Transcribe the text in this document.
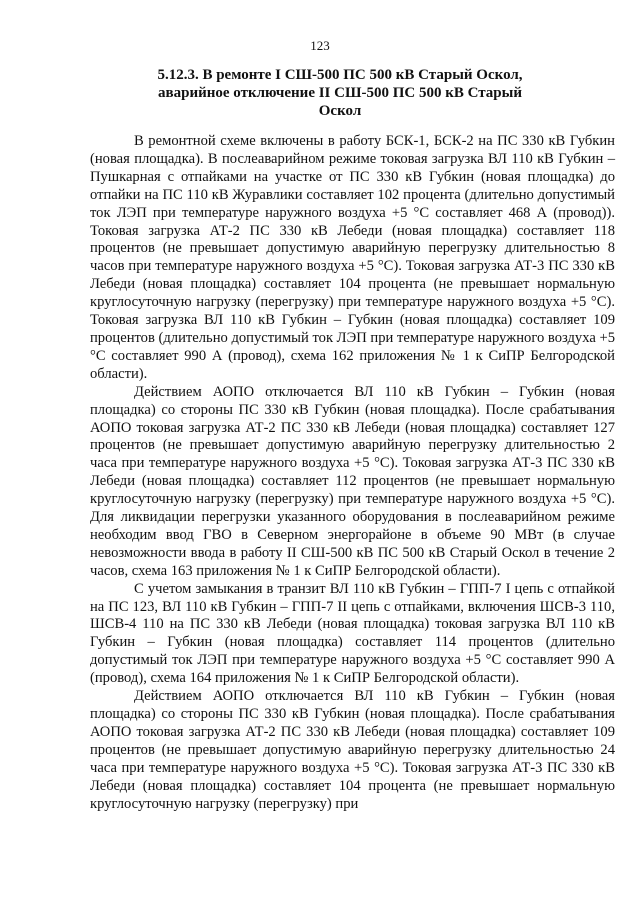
123
5.12.3. В ремонте I СШ-500 ПС 500 кВ Старый Оскол,
аварийное отключение II СШ-500 ПС 500 кВ Старый
Оскол

В ремонтной схеме включены в работу БСК-1, БСК-2 на ПС 330 кВ Губкин (новая площадка). В послеаварийном режиме токовая загрузка ВЛ 110 кВ Губкин – Пушкарная с отпайками на участке от ПС 330 кВ Губкин (новая площадка) до отпайки на ПС 110 кВ Журавлики составляет 102 процента (длительно допустимый ток ЛЭП при температуре наружного воздуха +5 °С составляет 468 А (провод)). Токовая загрузка АТ-2 ПС 330 кВ Лебеди (новая площадка) составляет 118 процентов (не превышает допустимую аварийную перегрузку длительностью 8 часов при температуре наружного воздуха +5 °С). Токовая загрузка АТ-3 ПС 330 кВ Лебеди (новая площадка) составляет 104 процента (не превышает нормальную круглосуточную нагрузку (перегрузку) при температуре наружного воздуха +5 °С). Токовая загрузка ВЛ 110 кВ Губкин – Губкин (новая площадка) составляет 109 процентов (длительно допустимый ток ЛЭП при температуре наружного воздуха +5 °С составляет 990 А (провод), схема 162 приложения № 1 к СиПР Белгородской области).

Действием АОПО отключается ВЛ 110 кВ Губкин – Губкин (новая площадка) со стороны ПС 330 кВ Губкин (новая площадка). После срабатывания АОПО токовая загрузка АТ-2 ПС 330 кВ Лебеди (новая площадка) составляет 127 процентов (не превышает допустимую аварийную перегрузку длительностью 2 часа при температуре наружного воздуха +5 °С). Токовая загрузка АТ-3 ПС 330 кВ Лебеди (новая площадка) составляет 112 процентов (не превышает нормальную круглосуточную нагрузку (перегрузку) при температуре наружного воздуха +5 °С). Для ликвидации перегрузки указанного оборудования в послеаварийном режиме необходим ввод ГВО в Северном энергорайоне в объеме 90 МВт (в случае невозможности ввода в работу II СШ-500 кВ ПС 500 кВ Старый Оскол в течение 2 часов, схема 163 приложения № 1 к СиПР Белгородской области).

С учетом замыкания в транзит ВЛ 110 кВ Губкин – ГПП-7 I цепь с отпайкой на ПС 123, ВЛ 110 кВ Губкин – ГПП-7 II цепь с отпайками, включения ШСВ-3 110, ШСВ-4 110 на ПС 330 кВ Лебеди (новая площадка) токовая загрузка ВЛ 110 кВ Губкин – Губкин (новая площадка) составляет 114 процентов (длительно допустимый ток ЛЭП при температуре наружного воздуха +5 °С составляет 990 А (провод), схема 164 приложения № 1 к СиПР Белгородской области).

Действием АОПО отключается ВЛ 110 кВ Губкин – Губкин (новая площадка) со стороны ПС 330 кВ Губкин (новая площадка). После срабатывания АОПО токовая загрузка АТ-2 ПС 330 кВ Лебеди (новая площадка) составляет 109 процентов (не превышает допустимую аварийную перегрузку длительностью 24 часа при температуре наружного воздуха +5 °С). Токовая загрузка АТ-3 ПС 330 кВ Лебеди (новая площадка) составляет 104 процента (не превышает нормальную круглосуточную нагрузку (перегрузку) при
